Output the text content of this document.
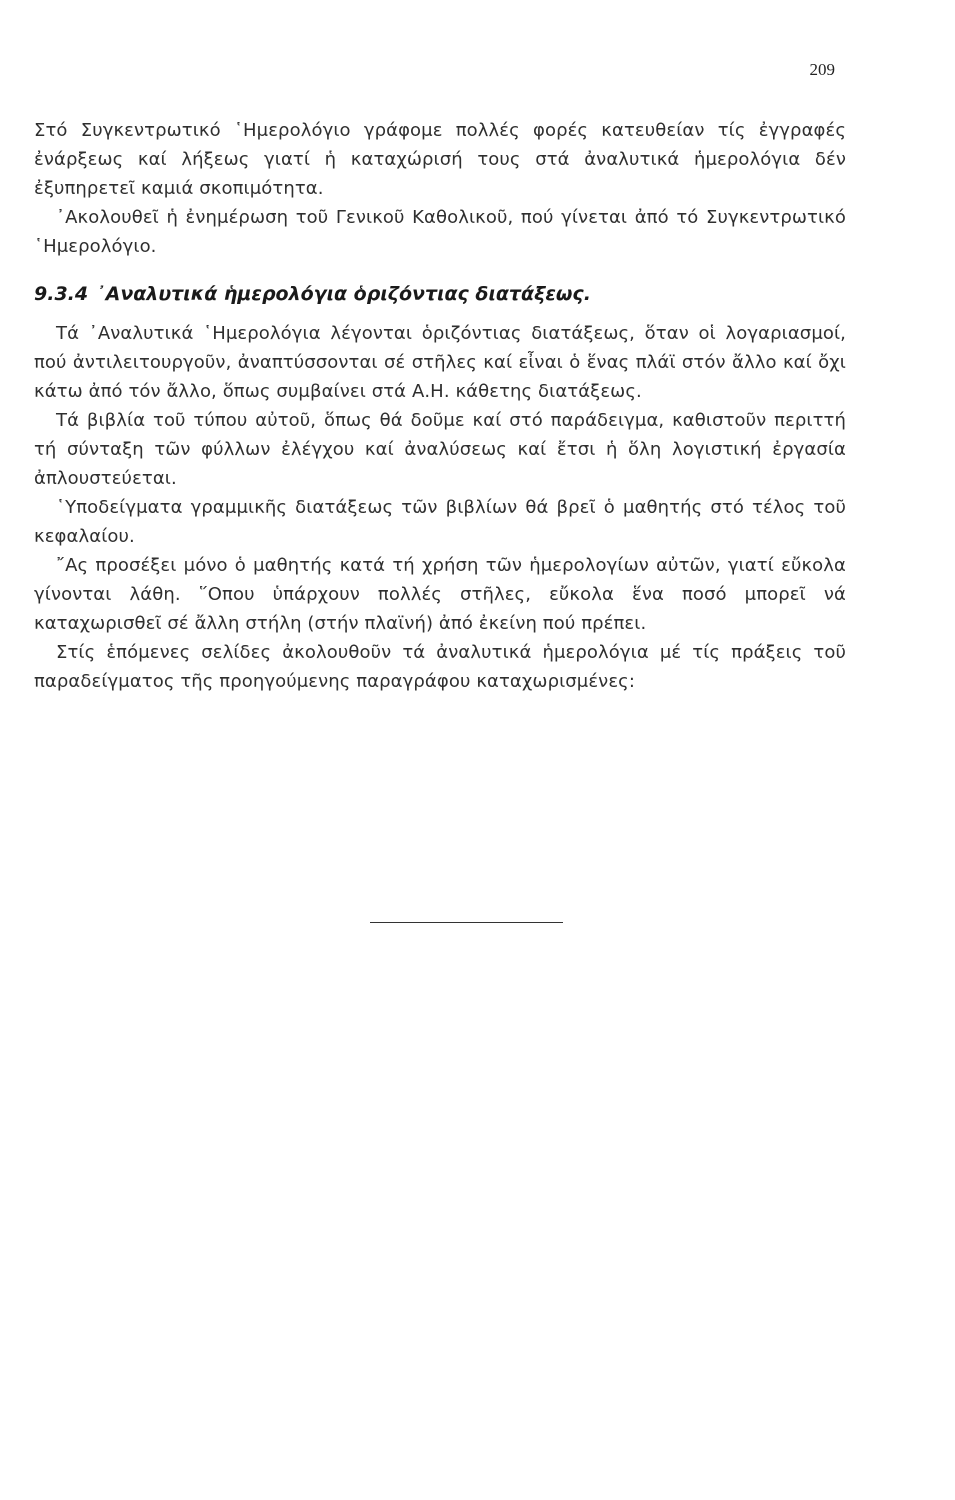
209

Στό Συγκεντρωτικό ῾Ημερολόγιο γράφομε πολλές φορές κατευθείαν τίς ἐγγραφές ἐνάρξεως καί λήξεως γιατί ἡ καταχώρισή τους στά ἀναλυτικά ἡμερολόγια δέν ἐξυπηρετεῖ καμιά σκοπιμότητα.

᾽Ακολουθεῖ ἡ ἐνημέρωση τοῦ Γενικοῦ Καθολικοῦ, πού γίνεται ἀπό τό Συγκεντρωτικό ῾Ημερολόγιο.

9.3.4 ᾽Αναλυτικά ἡμερολόγια ὁριζόντιας διατάξεως.

Τά ᾽Αναλυτικά ῾Ημερολόγια λέγονται ὁριζόντιας διατάξεως, ὅταν οἱ λογαριασμοί, πού ἀντιλειτουργοῦν, ἀναπτύσσονται σέ στῆλες καί εἶναι ὁ ἕνας πλάϊ στόν ἄλλο καί ὄχι κάτω ἀπό τόν ἄλλο, ὅπως συμβαίνει στά Α.Η. κάθετης διατάξεως.

Τά βιβλία τοῦ τύπου αὐτοῦ, ὅπως θά δοῦμε καί στό παράδειγμα, καθιστοῦν περιττή τή σύνταξη τῶν φύλλων ἐλέγχου καί ἀναλύσεως καί ἔτσι ἡ ὅλη λογιστική ἐργασία ἀπλουστεύεται.

῾Υποδείγματα γραμμικῆς διατάξεως τῶν βιβλίων θά βρεῖ ὁ μαθητής στό τέλος τοῦ κεφαλαίου.

῎Ας προσέξει μόνο ὁ μαθητής κατά τή χρήση τῶν ἡμερολογίων αὐτῶν, γιατί εὔκολα γίνονται λάθη. ῞Οπου ὑπάρχουν πολλές στῆλες, εὔκολα ἕνα ποσό μπορεῖ νά καταχωρισθεῖ σέ ἄλλη στήλη (στήν πλαϊνή) ἀπό ἐκείνη πού πρέπει.

Στίς ἑπόμενες σελίδες ἀκολουθοῦν τά ἀναλυτικά ἡμερολόγια μέ τίς πράξεις τοῦ παραδείγματος τῆς προηγούμενης παραγράφου καταχωρισμένες:
